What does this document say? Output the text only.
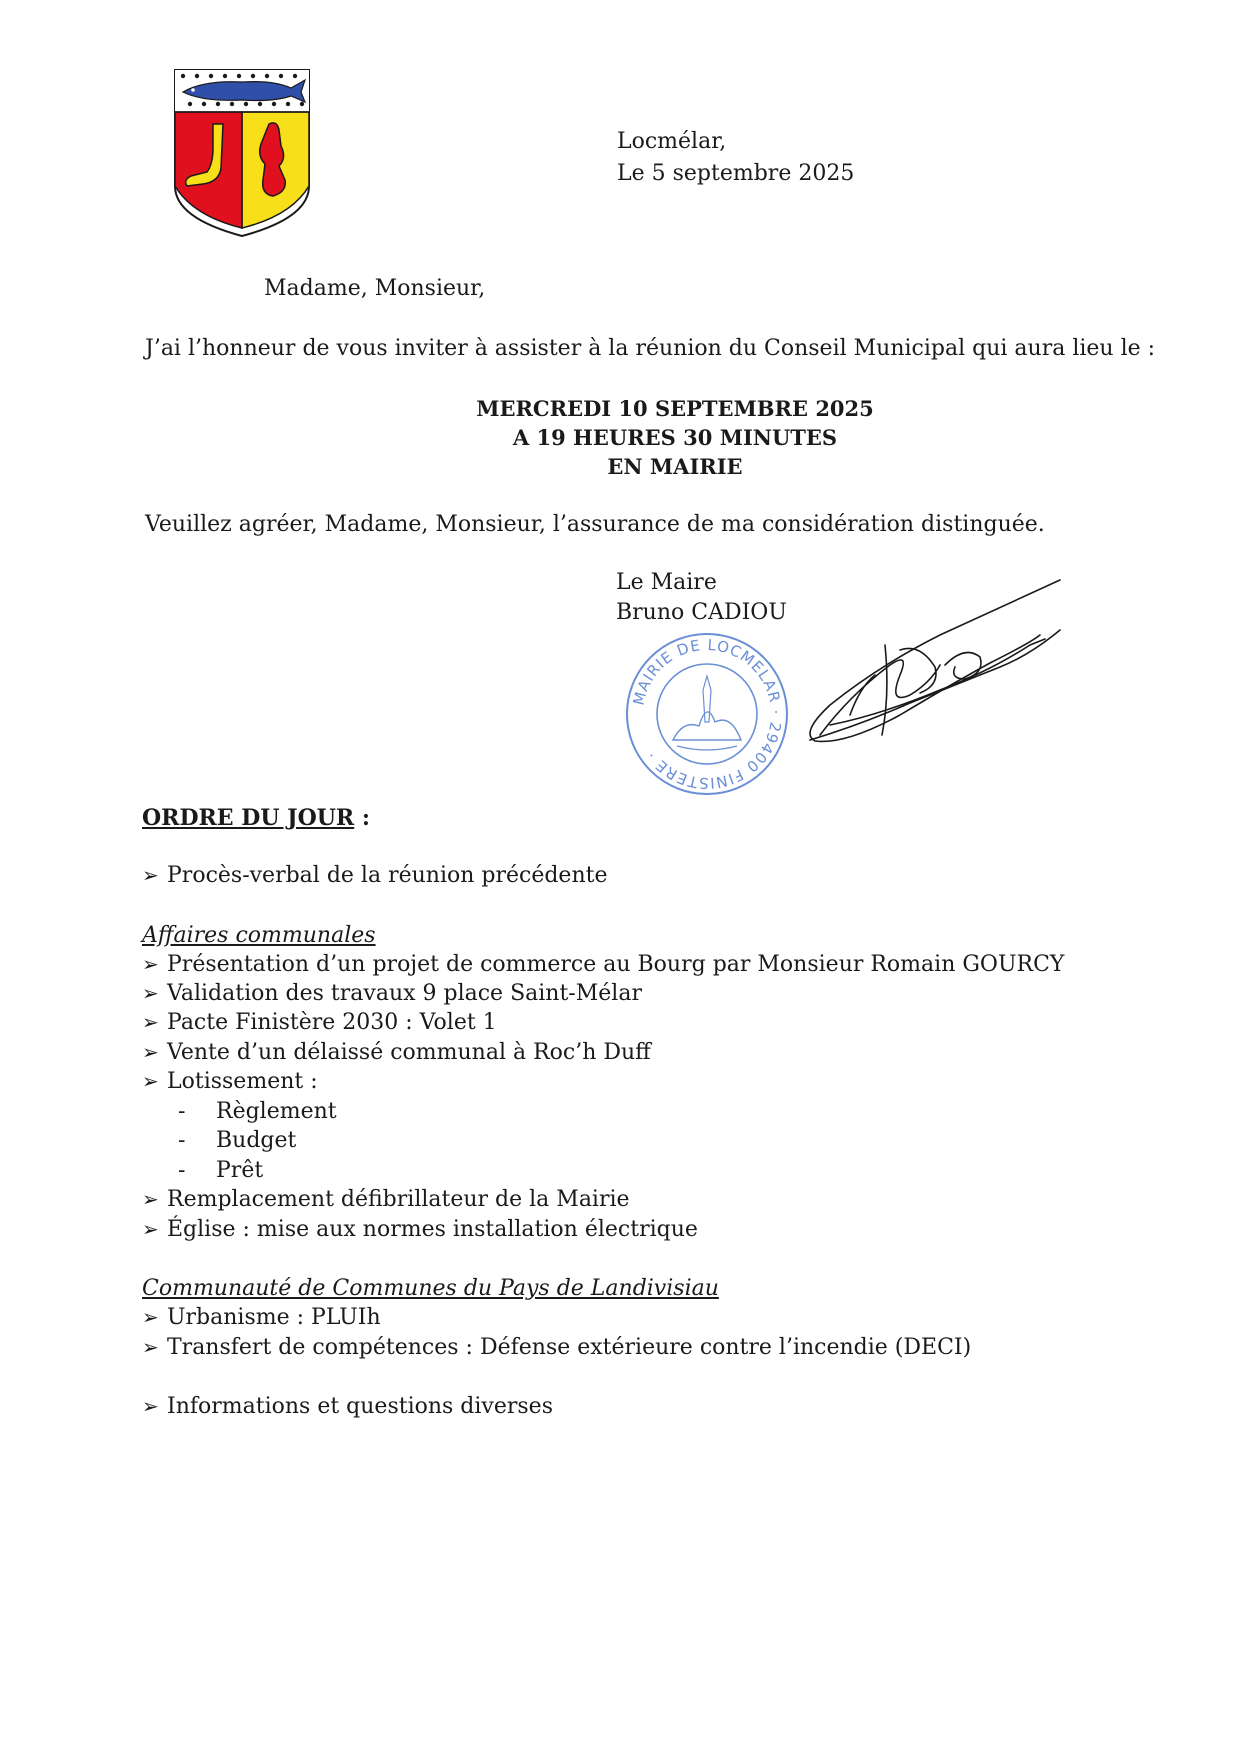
Locmélar,
Le 5 septembre 2025
Madame, Monsieur,
J’ai l’honneur de vous inviter à assister à la réunion du Conseil Municipal qui aura lieu le :
MERCREDI 10 SEPTEMBRE 2025
A 19 HEURES 30 MINUTES
EN MAIRIE
Veuillez agréer, Madame, Monsieur, l’assurance de ma considération distinguée.
Le Maire
Bruno CADIOU
MAIRIE DE LOCMELAR · 29400 FINISTERE ·
ORDRE DU JOUR :
➢ Procès-verbal de la réunion précédente
Affaires communales
➢ Présentation d’un projet de commerce au Bourg par Monsieur Romain GOURCY
➢ Validation des travaux 9 place Saint-Mélar
➢ Pacte Finistère 2030 : Volet 1
➢ Vente d’un délaissé communal à Roc’h Duff
➢ Lotissement :
- Règlement
- Budget
- Prêt
➢ Remplacement défibrillateur de la Mairie
➢ Église : mise aux normes installation électrique
Communauté de Communes du Pays de Landivisiau
➢ Urbanisme : PLUIh
➢ Transfert de compétences : Défense extérieure contre l’incendie (DECI)
➢ Informations et questions diverses
